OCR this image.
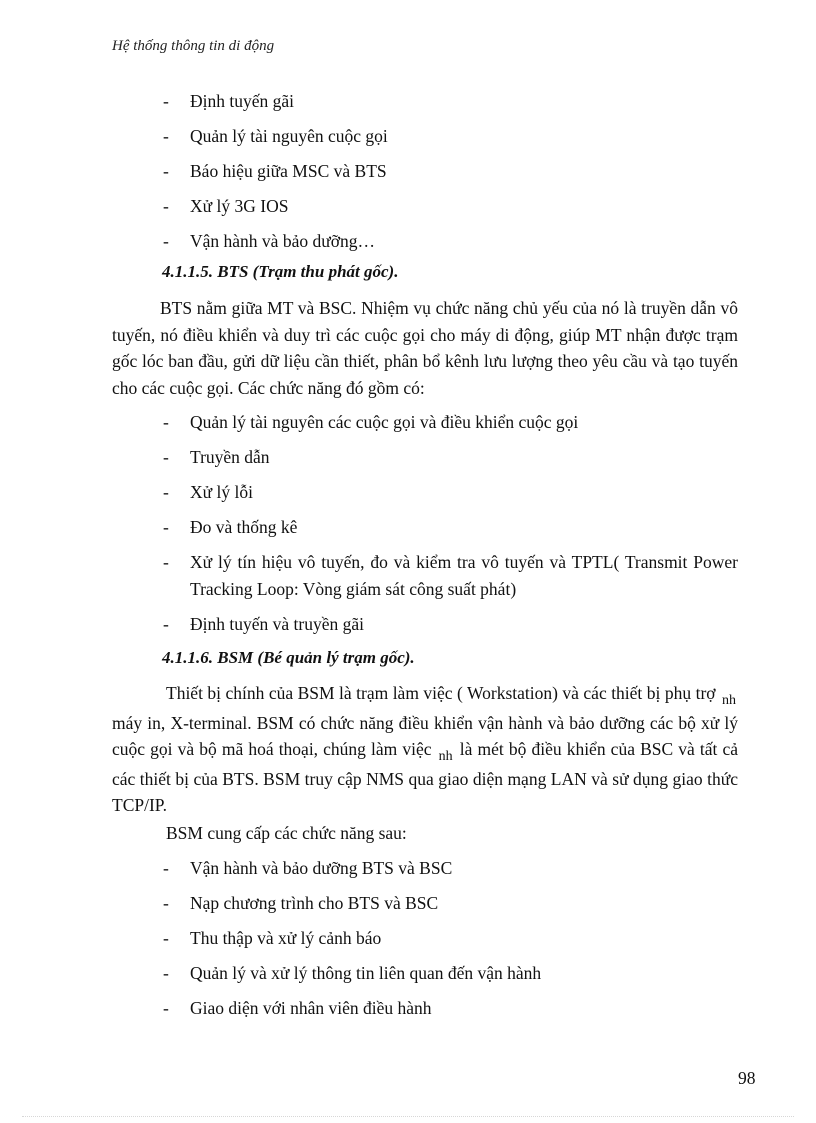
Hệ thống thông tin di động
- Định tuyến gãi
- Quản lý tài nguyên cuộc gọi
- Báo hiệu giữa MSC và BTS
- Xử lý 3G IOS
- Vận hành và bảo dưỡng…
4.1.1.5. BTS (Trạm thu phát gốc).
BTS nằm giữa MT và BSC. Nhiệm vụ chức năng chủ yếu của nó là truyền dẫn vô tuyến, nó điều khiển và duy trì các cuộc gọi cho máy di động, giúp MT nhận được trạm gốc lóc ban đầu, gửi dữ liệu cần thiết, phân bổ kênh lưu lượng theo yêu cầu và tạo tuyến cho các cuộc gọi. Các chức năng đó gồm có:
- Quản lý tài nguyên các cuộc gọi và điều khiển cuộc gọi
- Truyền dẫn
- Xử lý lỗi
- Đo và thống kê
- Xử lý tín hiệu vô tuyến, đo và kiểm tra vô tuyến và TPTL( Transmit Power Tracking Loop: Vòng giám sát công suất phát)
- Định tuyến và truyền gãi
4.1.1.6. BSM (Bé quản lý trạm gốc).
Thiết bị chính của BSM là trạm làm việc ( Workstation) và các thiết bị phụ trợ $_{nh}$ máy in, X-terminal. BSM có chức năng điều khiển vận hành và bảo dưỡng các bộ xử lý cuộc gọi và bộ mã hoá thoại, chúng làm việc $_{nh}$ là mét bộ điều khiển của BSC và tất cả các thiết bị của BTS. BSM truy cập NMS qua giao diện mạng LAN và sử dụng giao thức TCP/IP.
BSM cung cấp các chức năng sau:
- Vận hành và bảo dưỡng BTS và BSC
- Nạp chương trình cho BTS và BSC
- Thu thập và xử lý cảnh báo
- Quản lý và xử lý thông tin liên quan đến vận hành
- Giao diện với nhân viên điều hành
98
